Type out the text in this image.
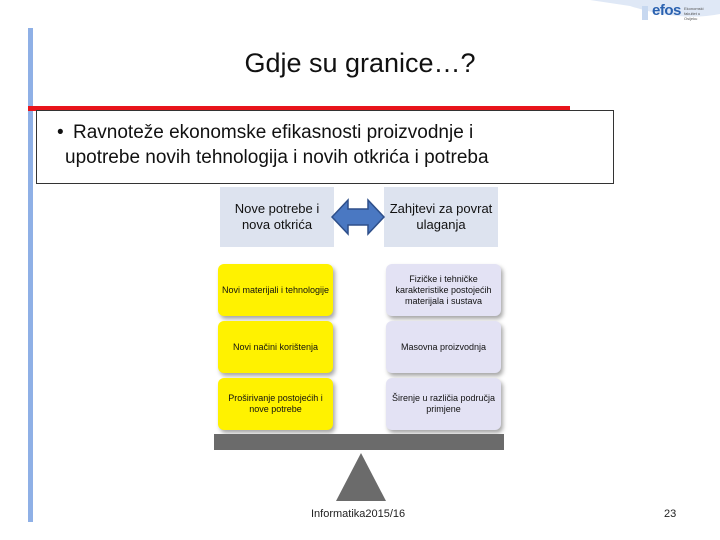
efos Ekonomski fakultet u Osijeku
Gdje su granice…?
• Ravnoteže ekonomske efikasnosti proizvodnje i
upotrebe novih tehnologija i novih otkrića i potreba
Nove potrebe i nova otkrića
Zahjtevi za povrat ulaganja
Novi materijali i tehnologije
Fizičke i tehničke karakteristike postojećih materijala i sustava
Novi načini korištenja	Masovna proizvodnja
Proširivanje postojećih i nove potrebe
Širenje u različia područja primjene
Informatika2015/16	23
